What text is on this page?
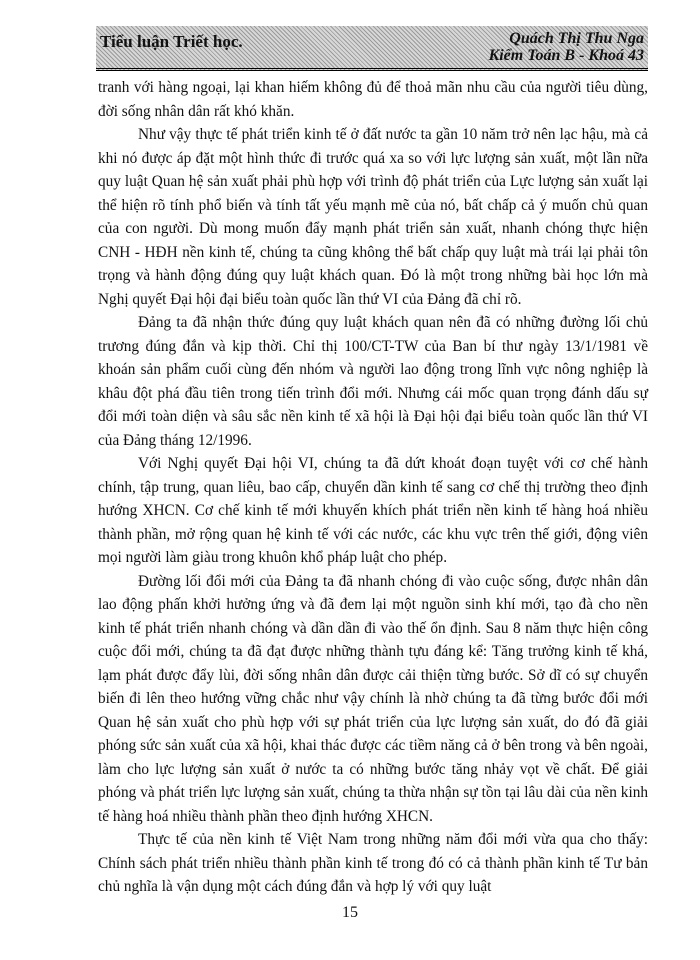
Tiểu luận Triết học.	Quách Thị Thu Nga
Kiểm Toán B - Khoá 43

tranh với hàng ngoại, lại khan hiếm không đủ để thoả mãn nhu cầu của người tiêu dùng, đời sống nhân dân rất khó khăn.

Như vậy thực tế phát triển kinh tế ở đất nước ta gần 10 năm trở nên lạc hậu, mà cả khi nó được áp đặt một hình thức đi trước quá xa so với lực lượng sản xuất, một lần nữa quy luật Quan hệ sản xuất phải phù hợp với trình độ phát triển của Lực lượng sản xuất lại thể hiện rõ tính phổ biến và tính tất yếu mạnh mẽ của nó, bất chấp cả ý muốn chủ quan của con người. Dù mong muốn đẩy mạnh phát triển sản xuất, nhanh chóng thực hiện CNH - HĐH nền kinh tế, chúng ta cũng không thể bất chấp quy luật mà trái lại phải tôn trọng và hành động đúng quy luật khách quan. Đó là một trong những bài học lớn mà Nghị quyết Đại hội đại biểu toàn quốc lần thứ VI của Đảng đã chỉ rõ.

Đảng ta đã nhận thức đúng quy luật khách quan nên đã có những đường lối chủ trương đúng đắn và kịp thời. Chỉ thị 100/CT-TW của Ban bí thư ngày 13/1/1981 về khoán sản phẩm cuối cùng đến nhóm và người lao động trong lĩnh vực nông nghiệp là khâu đột phá đầu tiên trong tiến trình đổi mới. Nhưng cái mốc quan trọng đánh dấu sự đổi mới toàn diện và sâu sắc nền kinh tế xã hội là Đại hội đại biểu toàn quốc lần thứ VI của Đảng tháng 12/1996.

Với Nghị quyết Đại hội VI, chúng ta đã dứt khoát đoạn tuyệt với cơ chế hành chính, tập trung, quan liêu, bao cấp, chuyển dần kinh tế sang cơ chế thị trường theo định hướng XHCN. Cơ chế kinh tế mới khuyến khích phát triển nền kinh tế hàng hoá nhiều thành phần, mở rộng quan hệ kinh tế với các nước, các khu vực trên thế giới, động viên mọi người làm giàu trong khuôn khổ pháp luật cho phép.

Đường lối đổi mới của Đảng ta đã nhanh chóng đi vào cuộc sống, được nhân dân lao động phấn khởi hưởng ứng và đã đem lại một nguồn sinh khí mới, tạo đà cho nền kinh tế phát triển nhanh chóng và dần dần đi vào thế ổn định. Sau 8 năm thực hiện công cuộc đổi mới, chúng ta đã đạt được những thành tựu đáng kể: Tăng trưởng kinh tế khá, lạm phát được đẩy lùi, đời sống nhân dân được cải thiện từng bước. Sở dĩ có sự chuyển biến đi lên theo hướng vững chắc như vậy chính là nhờ chúng ta đã từng bước đổi mới Quan hệ sản xuất cho phù hợp với sự phát triển của lực lượng sản xuất, do đó đã giải phóng sức sản xuất của xã hội, khai thác được các tiềm năng cả ở bên trong và bên ngoài, làm cho lực lượng sản xuất ở nước ta có những bước tăng nhảy vọt về chất. Để giải phóng và phát triển lực lượng sản xuất, chúng ta thừa nhận sự tồn tại lâu dài của nền kinh tế hàng hoá nhiều thành phần theo định hướng XHCN.

Thực tế của nền kinh tế Việt Nam trong những năm đổi mới vừa qua cho thấy: Chính sách phát triển nhiều thành phần kinh tế trong đó có cả thành phần kinh tế Tư bản chủ nghĩa là vận dụng một cách đúng đắn và hợp lý với quy luật

15
